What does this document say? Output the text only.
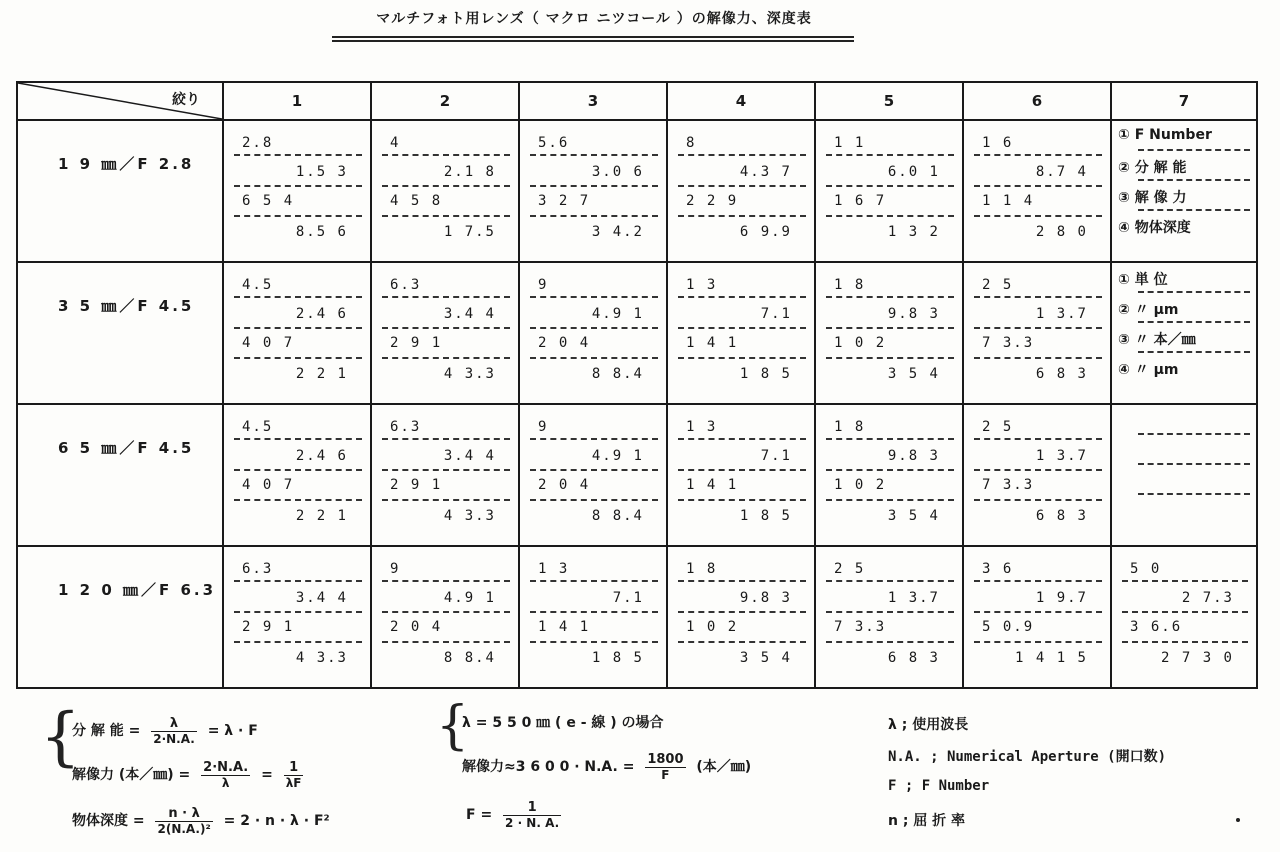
マルチフォト用レンズ（ マクロ ニツコール ）の解像力、深度表
絞り	1	2	3	4	5	6	7
1 9 ㎜／F 2.8	2.8
1.5 3
6 5 4
8.5 6	4
2.1 8
4 5 8
1 7.5	5.6
3.0 6
3 2 7
3 4.2	8
4.3 7
2 2 9
6 9.9	1 1
6.0 1
1 6 7
1 3 2	1 6
8.7 4
1 1 4
2 8 0	① F Number
② 分 解 能
③ 解 像 力
④ 物体深度

3 5 ㎜／F 4.5	4.5
2.4 6
4 0 7
2 2 1	6.3
3.4 4
2 9 1
4 3.3	9
4.9 1
2 0 4
8 8.4	1 3
7.1
1 4 1
1 8 5	1 8
9.8 3
1 0 2
3 5 4	2 5
1 3.7
7 3.3
6 8 3	① 単 位
② 〃 μm
③ 〃 本／㎜
④ 〃 μm

6 5 ㎜／F 4.5	4.5
2.4 6
4 0 7
2 2 1	6.3
3.4 4
2 9 1
4 3.3	9
4.9 1
2 0 4
8 8.4	1 3
7.1
1 4 1
1 8 5	1 8
9.8 3
1 0 2
3 5 4	2 5
1 3.7
7 3.3
6 8 3	

1 2 0 ㎜／F 6.3	6.3
3.4 4
2 9 1
4 3.3	9
4.9 1
2 0 4
8 8.4	1 3
7.1
1 4 1
1 8 5	1 8
9.8 3
1 0 2
3 5 4	2 5
1 3.7
7 3.3
6 8 3	3 6
1 9.7
5 0.9
1 4 1 5	5 0
2 7.3
3 6.6
2 7 3 0
{
分 解 能 = $\frac{\lambda}{2\cdot N.A.} = \lambda \cdot F$
解像力 (本／㎜) = $\frac{2\cdot N.A.}{\lambda} = \frac{1}{\lambda F}$
物体深度 = $\frac{n \cdot \lambda}{\text{2(N.A.)²}} = 2 \cdot n \cdot \lambda \cdot F^2$
{
λ = 5 5 0 ㎚ ( e - 線 ) の場合
解像力≈3 6 0 0 · N.A. = $\frac{1800}{F}$ (本／㎜)
$F = \frac{1}{2 \cdot N. A.}$
λ ; 使用波長
N.A. ; Numerical Aperture (開口数)
F ; F Number
n ; 屈 折 率
